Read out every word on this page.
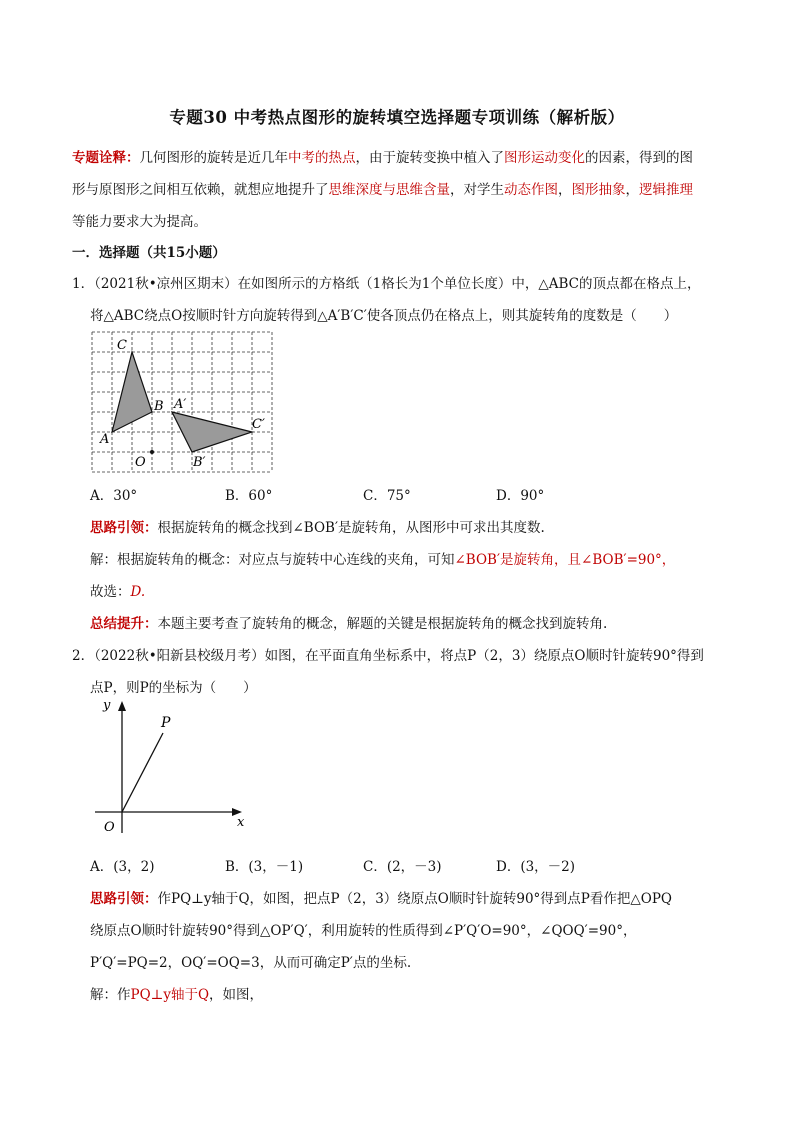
专题30 中考热点图形的旋转填空选择题专项训练（解析版）
专题诠释：几何图形的旋转是近几年中考的热点，由于旋转变换中植入了图形运动变化的因素，得到的图
形与原图形之间相互依赖，就想应地提升了思维深度与思维含量，对学生动态作图，图形抽象，逻辑推理
等能力要求大为提高。
一．选择题（共15小题）
1．（2021秋•凉州区期末）在如图所示的方格纸（1格长为1个单位长度）中，△ABC的顶点都在格点上，
将△ABC绕点O按顺时针方向旋转得到△A′B′C′使各顶点仍在格点上，则其旋转角的度数是（　　）
C
B
A
A′
C′
O	B′
A．30°	B．60°	C．75°	D．90°
思路引领：根据旋转角的概念找到∠BOB′是旋转角，从图形中可求出其度数.
解：根据旋转角的概念：对应点与旋转中心连线的夹角，可知∠BOB′是旋转角，且∠BOB′=90°，
故选：D.
总结提升：本题主要考查了旋转角的概念，解题的关键是根据旋转角的概念找到旋转角.
2．（2022秋•阳新县校级月考）如图，在平面直角坐标系中，将点P（2，3）绕原点O顺时针旋转90°得到
点P，则P的坐标为（　　）
y
x
O
P
A．(3，2)	B．(3，－1)	C．(2，－3)	D．(3，－2)
思路引领：作PQ⊥y轴于Q，如图，把点P（2，3）绕原点O顺时针旋转90°得到点P看作把△OPQ
绕原点O顺时针旋转90°得到△OP′Q′，利用旋转的性质得到∠P′Q′O=90°，∠QOQ′=90°，
P′Q′=PQ=2，OQ′=OQ=3，从而可确定P′点的坐标.
解：作PQ⊥y轴于Q，如图，
